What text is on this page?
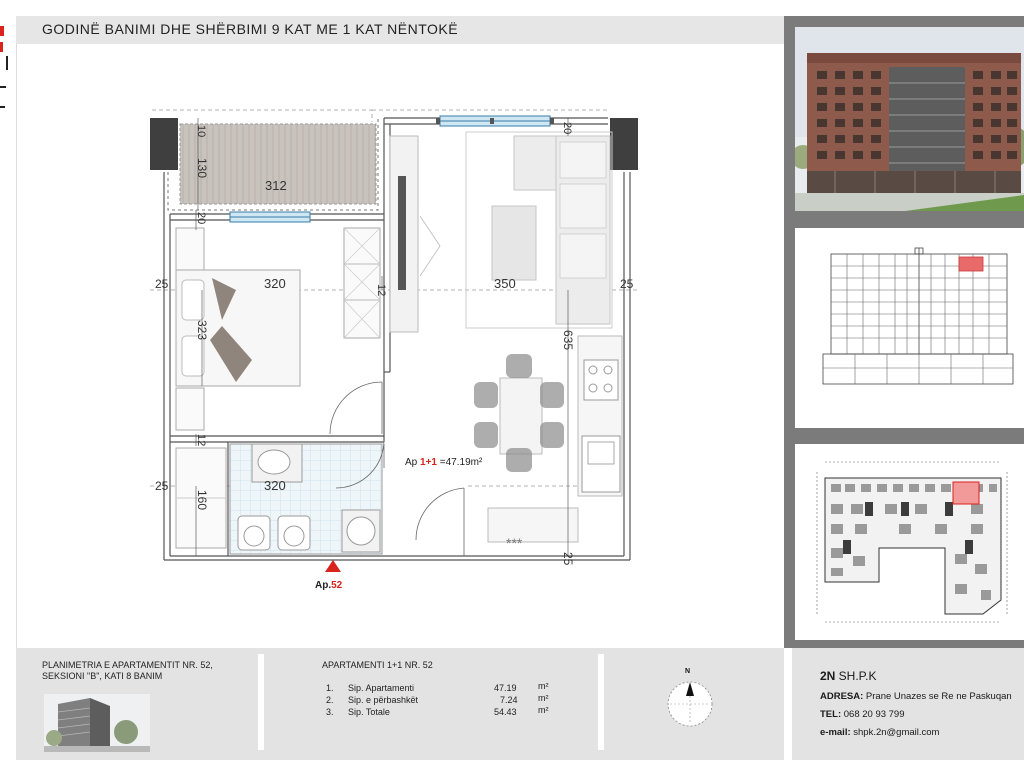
GODINË BANIMI DHE SHËRBIMI 9 KAT ME 1 KAT NËNTOKË
10
130
312
20
20
25	320	12	350	25
323	635
12
25	320
160
25
Ap 1+1 =47.19m²
***
Ap.52
PLANIMETRIA E APARTAMENTIT NR. 52,
SEKSIONI "B", KATI 8 BANIM
APARTAMENTI 1+1 NR. 52
1. Sip. Apartamenti	47.19 m²
2. Sip. e përbashkët	7.24 m²
3. Sip. Totale	54.43 m²
N	2N SH.P.K
ADRESA: Prane Unazes se Re ne Paskuqan
TEL: 068 20 93 799
e-mail: shpk.2n@gmail.com
